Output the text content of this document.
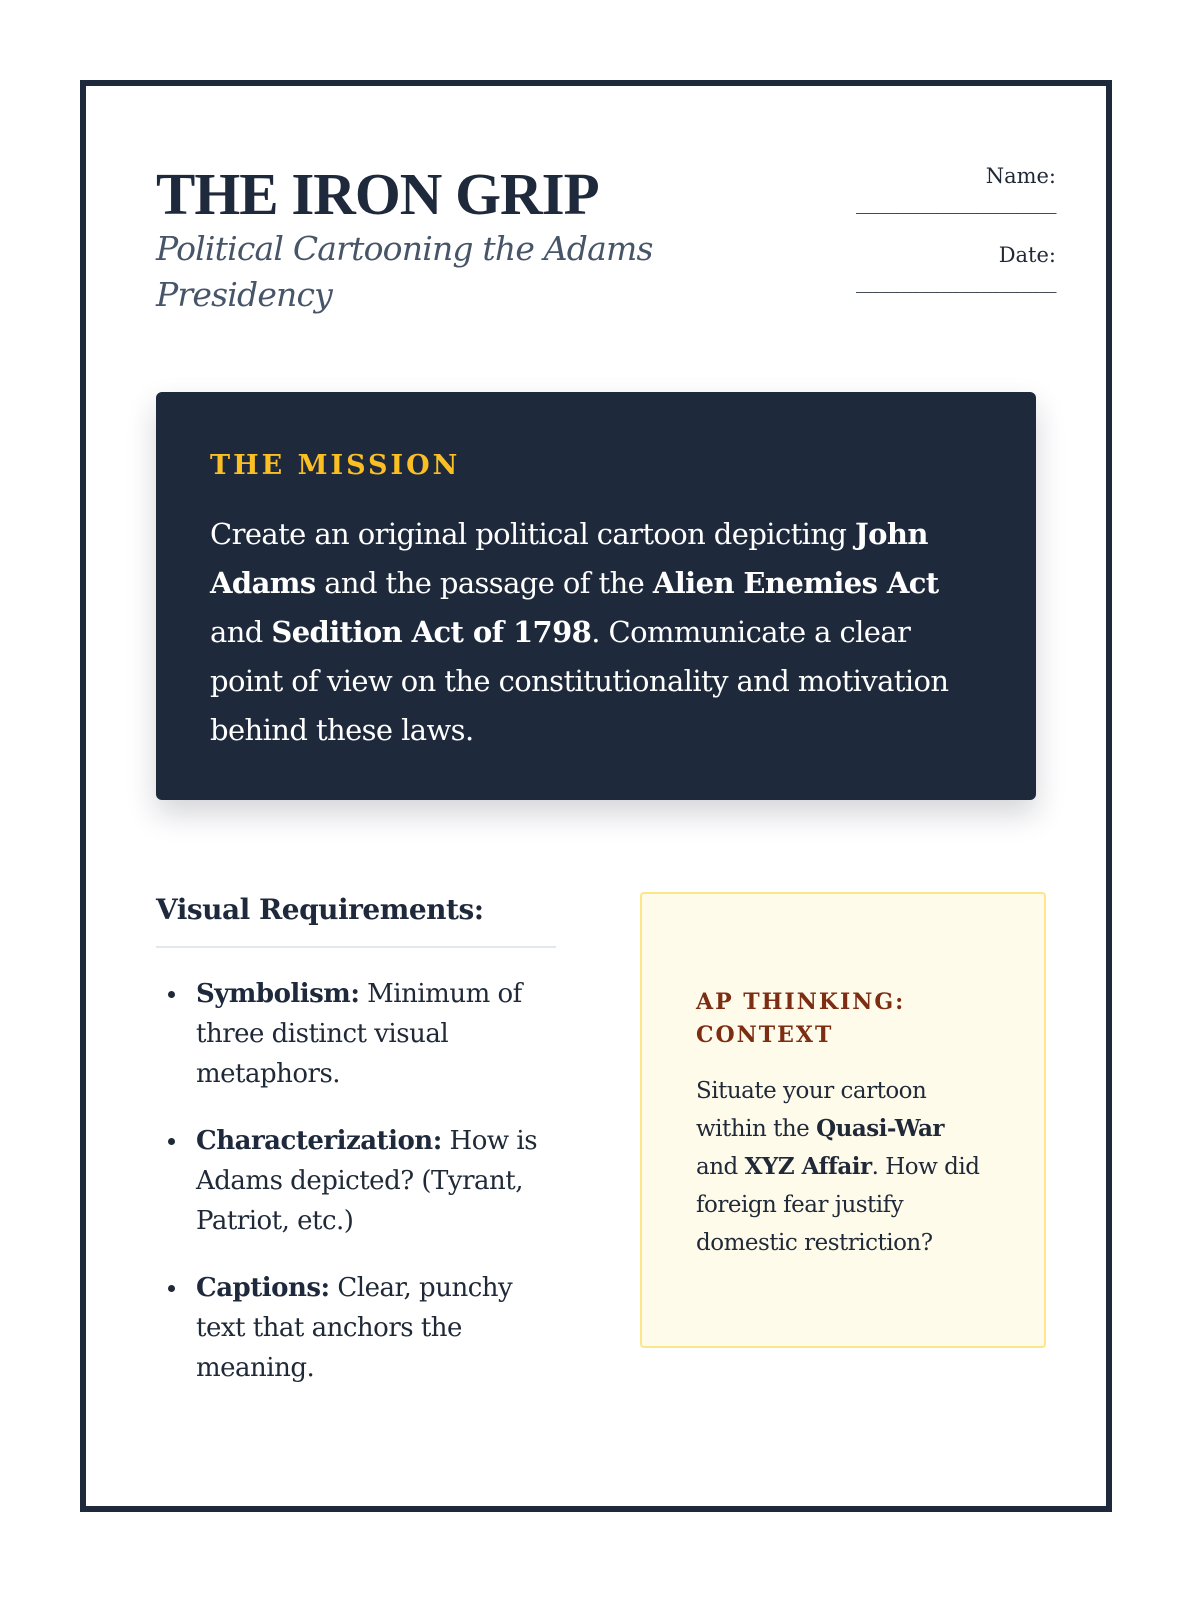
THE IRON GRIP

Political Cartooning the Adams Presidency

Name:
____________________
Date:
____________________
THE MISSION

Create an original political cartoon depicting John Adams and the passage of the Alien Enemies Act and Sedition Act of 1798. Communicate a clear point of view on the constitutionality and motivation behind these laws.

Visual Requirements:
Symbolism: Minimum of three distinct visual metaphors.
Characterization: How is Adams depicted? (Tyrant, Patriot, etc.)
Captions: Clear, punchy text that anchors the meaning.
AP THINKING: CONTEXT

Situate your cartoon within the Quasi-War and XYZ Affair. How did foreign fear justify domestic restriction?
